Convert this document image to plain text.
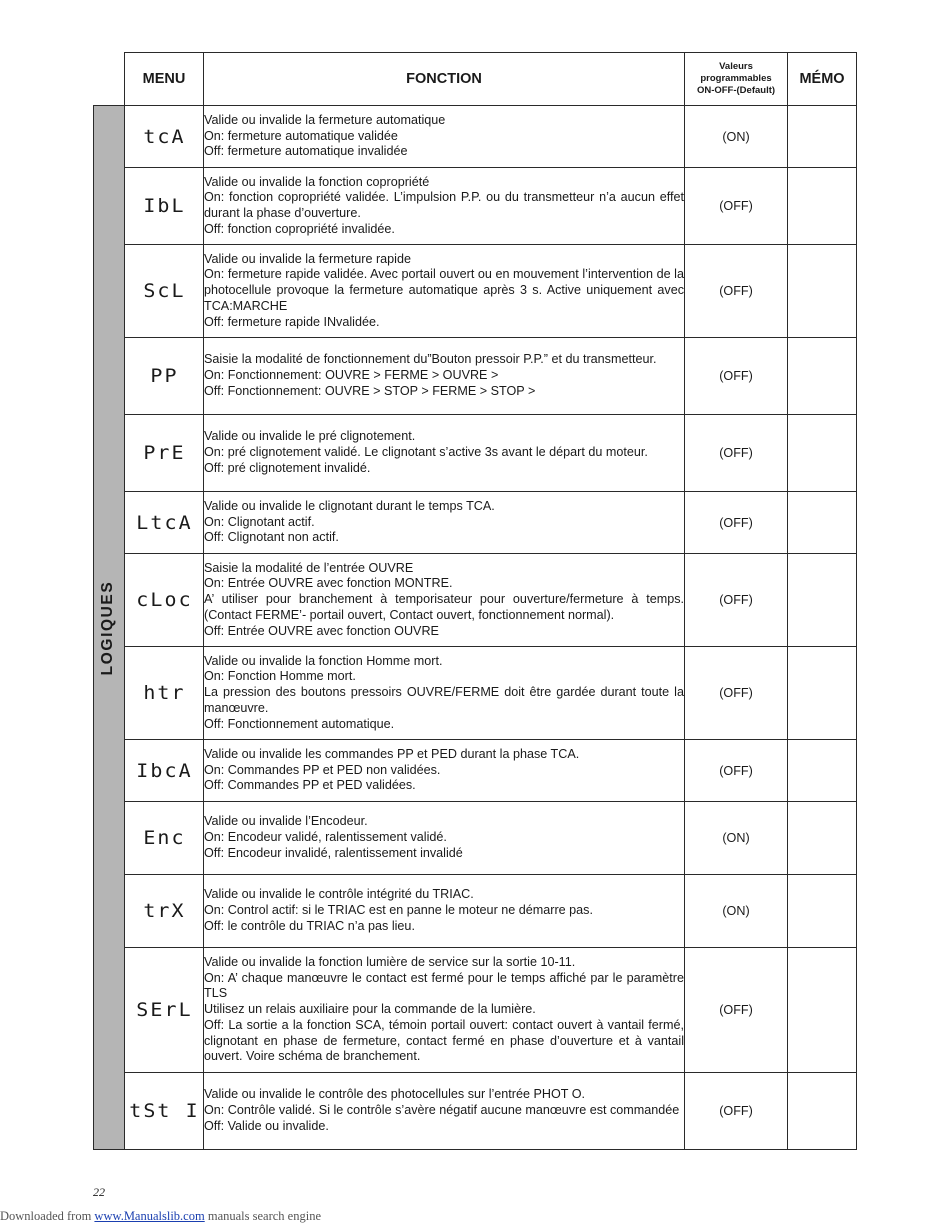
LOGIQUES
MENU	FONCTION	Valeurs
programmables
ON-OFF-(Default)	MÉMO
tcA	Valide ou invalide la fermeture automatique
On: fermeture automatique validée
Off: fermeture automatique invalidée	(ON)	
IbL	Valide ou invalide la fonction copropriété
On: fonction copropriété validée. L’impulsion P.P. ou du transmetteur n’a aucun effet durant la phase d’ouverture.
Off: fonction copropriété invalidée.	(OFF)	
ScL	Valide ou invalide la fermeture rapide
On: fermeture rapide validée. Avec portail ouvert ou en mouvement l’intervention de la photocellule provoque la fermeture automatique après 3 s. Active uniquement avec TCA:MARCHE
Off: fermeture rapide INvalidée.	(OFF)	
PP	Saisie la modalité de fonctionnement du”Bouton pressoir P.P.” et du transmetteur.
On: Fonctionnement: OUVRE > FERME > OUVRE >
Off: Fonctionnement: OUVRE > STOP > FERME > STOP >	(OFF)	
PrE	Valide ou invalide le pré clignotement.
On: pré clignotement validé. Le clignotant s’active 3s avant le départ du moteur.
Off: pré clignotement invalidé.	(OFF)	
LtcA	Valide ou invalide le clignotant durant le temps TCA.
On: Clignotant actif.
Off: Clignotant non actif.	(OFF)	
cLoc	Saisie la modalité de l’entrée OUVRE
On: Entrée OUVRE avec fonction MONTRE.
A’ utiliser pour branchement à temporisateur pour ouverture/fermeture à temps. (Contact FERME’- portail ouvert, Contact ouvert, fonctionnement normal).
Off: Entrée OUVRE avec fonction OUVRE	(OFF)	
htr	Valide ou invalide la fonction Homme mort.
On: Fonction Homme mort.
La pression des boutons pressoirs OUVRE/FERME doit être gardée durant toute la manœuvre.
Off: Fonctionnement automatique.	(OFF)	
IbcA	Valide ou invalide les commandes PP et PED durant la phase TCA.
On: Commandes PP et PED non validées.
Off: Commandes PP et PED validées.	(OFF)	
Enc	Valide ou invalide l’Encodeur.
On: Encodeur validé, ralentissement validé.
Off: Encodeur invalidé, ralentissement invalidé	(ON)	
trX	Valide ou invalide le contrôle intégrité du TRIAC.
On: Control actif: si le TRIAC est en panne le moteur ne démarre pas.
Off: le contrôle du TRIAC n’a pas lieu.	(ON)	
SErL	Valide ou invalide la fonction lumière de service sur la sortie 10-11.
On: A’ chaque manœuvre le contact est fermé pour le temps affiché par le paramètre TLS
Utilisez un relais auxiliaire pour la commande de la lumière.
Off: La sortie a la fonction SCA, témoin portail ouvert: contact ouvert à vantail fermé, clignotant en phase de fermeture, contact fermé en phase d’ouverture et à vantail ouvert. Voire schéma de branchement.	(OFF)	
tSt I	Valide ou invalide le contrôle des photocellules sur l’entrée PHOT O.
On: Contrôle validé. Si le contrôle s’avère négatif aucune manœuvre est commandée
Off: Valide ou invalide.	(OFF)	
22
Downloaded from www.Manualslib.com manuals search engine
